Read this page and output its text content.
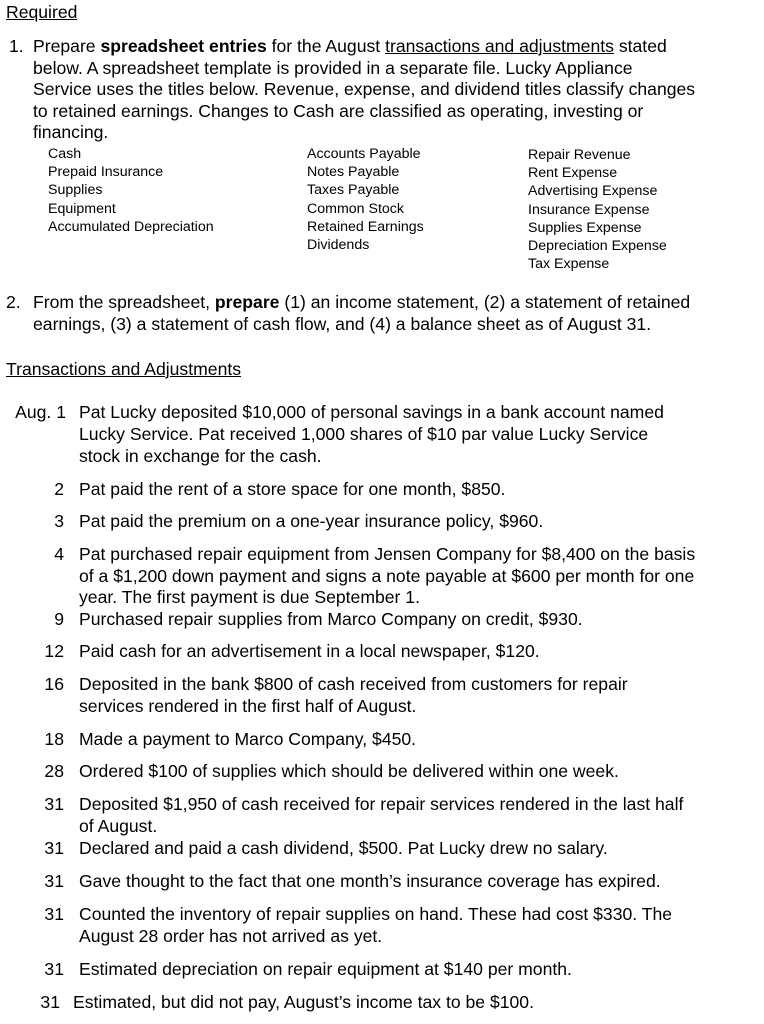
Required
1. Prepare spreadsheet entries for the August transactions and adjustments stated
below. A spreadsheet template is provided in a separate file. Lucky Appliance
Service uses the titles below. Revenue, expense, and dividend titles classify changes
to retained earnings. Changes to Cash are classified as operating, investing or
financing.
Cash
Prepaid Insurance
Supplies
Equipment
Accumulated Depreciation
Accounts Payable
Notes Payable
Taxes Payable
Common Stock
Retained Earnings
Dividends
Repair Revenue
Rent Expense
Advertising Expense
Insurance Expense
Supplies Expense
Depreciation Expense
Tax Expense
2. From the spreadsheet, prepare (1) an income statement, (2) a statement of retained
earnings, (3) a statement of cash flow, and (4) a balance sheet as of August 31.
Transactions and Adjustments
Aug. 1 Pat Lucky deposited $10,000 of personal savings in a bank account named
Lucky Service. Pat received 1,000 shares of $10 par value Lucky Service
stock in exchange for the cash.
2 Pat paid the rent of a store space for one month, $850.
3 Pat paid the premium on a one-year insurance policy, $960.
4 Pat purchased repair equipment from Jensen Company for $8,400 on the basis
of a $1,200 down payment and signs a note payable at $600 per month for one
year. The first payment is due September 1.
9 Purchased repair supplies from Marco Company on credit, $930.
12 Paid cash for an advertisement in a local newspaper, $120.
16 Deposited in the bank $800 of cash received from customers for repair
services rendered in the first half of August.
18 Made a payment to Marco Company, $450.
28 Ordered $100 of supplies which should be delivered within one week.
31 Deposited $1,950 of cash received for repair services rendered in the last half
of August.
31 Declared and paid a cash dividend, $500. Pat Lucky drew no salary.
31 Gave thought to the fact that one month’s insurance coverage has expired.
31 Counted the inventory of repair supplies on hand. These had cost $330. The
August 28 order has not arrived as yet.
31 Estimated depreciation on repair equipment at $140 per month.
31 Estimated, but did not pay, August’s income tax to be $100.
